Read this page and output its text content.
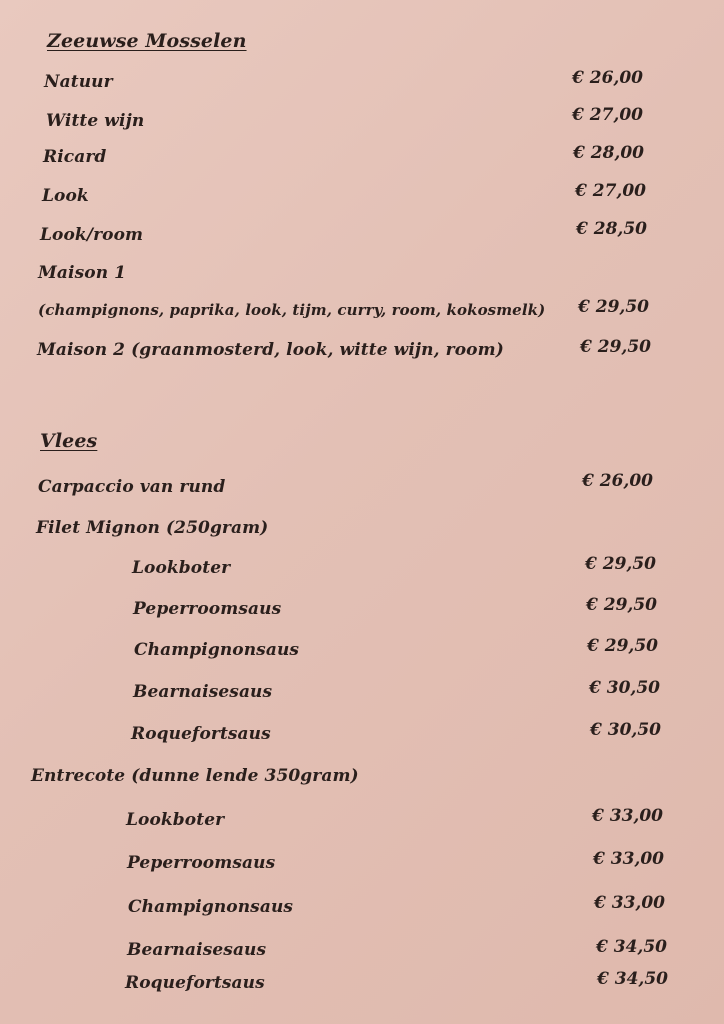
Zeeuwse Mosselen
Natuur	€ 26,00
Witte wijn	€ 27,00
Ricard	€ 28,00
Look	€ 27,00
Look/room	€ 28,50
Maison 1
(champignons, paprika, look, tijm, curry, room, kokosmelk) € 29,50
Maison 2 (graanmosterd, look, witte wijn, room)	€ 29,50
Vlees
Carpaccio van rund	€ 26,00
Filet Mignon (250gram)
Lookboter	€ 29,50
Peperroomsaus	€ 29,50
Champignonsaus	€ 29,50
Bearnaisesaus	€ 30,50
Roquefortsaus	€ 30,50
Entrecote (dunne lende 350gram)
Lookboter	€ 33,00
Peperroomsaus	€ 33,00
Champignonsaus	€ 33,00
Bearnaisesaus	€ 34,50
Roquefortsaus	€ 34,50
